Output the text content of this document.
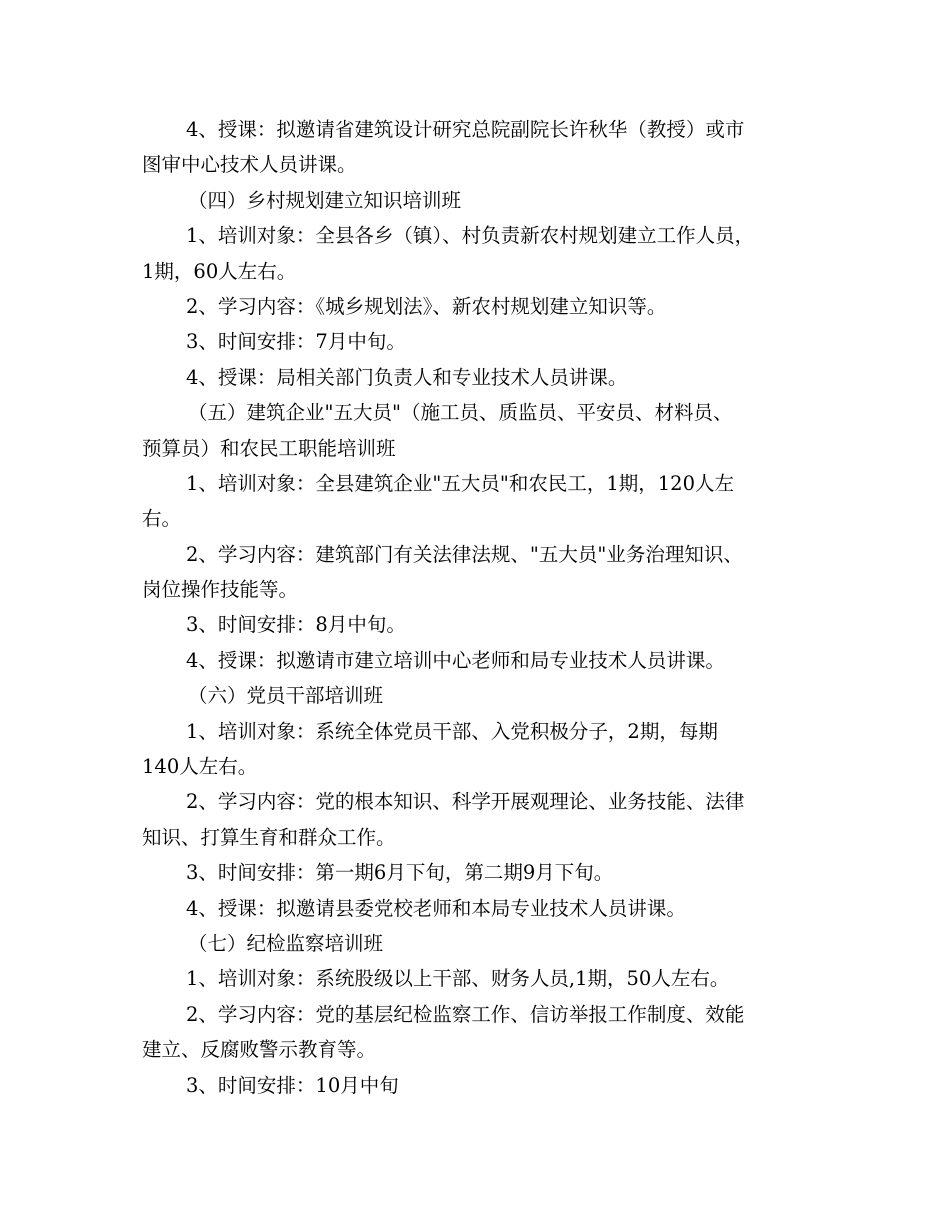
4、授课：拟邀请省建筑设计研究总院副院长许秋华（教授）或市
图审中心技术人员讲课。
（四）乡村规划建立知识培训班
1、培训对象：全县各乡（镇）、村负责新农村规划建立工作人员，
1期，60人左右。
2、学习内容：《城乡规划法》、新农村规划建立知识等。
3、时间安排：7月中旬。
4、授课：局相关部门负责人和专业技术人员讲课。
（五）建筑企业"五大员"（施工员、质监员、平安员、材料员、
预算员）和农民工职能培训班
1、培训对象：全县建筑企业"五大员"和农民工，1期，120人左
右。
2、学习内容：建筑部门有关法律法规、"五大员"业务治理知识、
岗位操作技能等。
3、时间安排：8月中旬。
4、授课：拟邀请市建立培训中心老师和局专业技术人员讲课。
（六）党员干部培训班
1、培训对象：系统全体党员干部、入党积极分子，2期，每期
140人左右。
2、学习内容：党的根本知识、科学开展观理论、业务技能、法律
知识、打算生育和群众工作。
3、时间安排：第一期6月下旬，第二期9月下旬。
4、授课：拟邀请县委党校老师和本局专业技术人员讲课。
（七）纪检监察培训班
1、培训对象：系统股级以上干部、财务人员,1期，50人左右。
2、学习内容：党的基层纪检监察工作、信访举报工作制度、效能
建立、反腐败警示教育等。
3、时间安排：10月中旬
